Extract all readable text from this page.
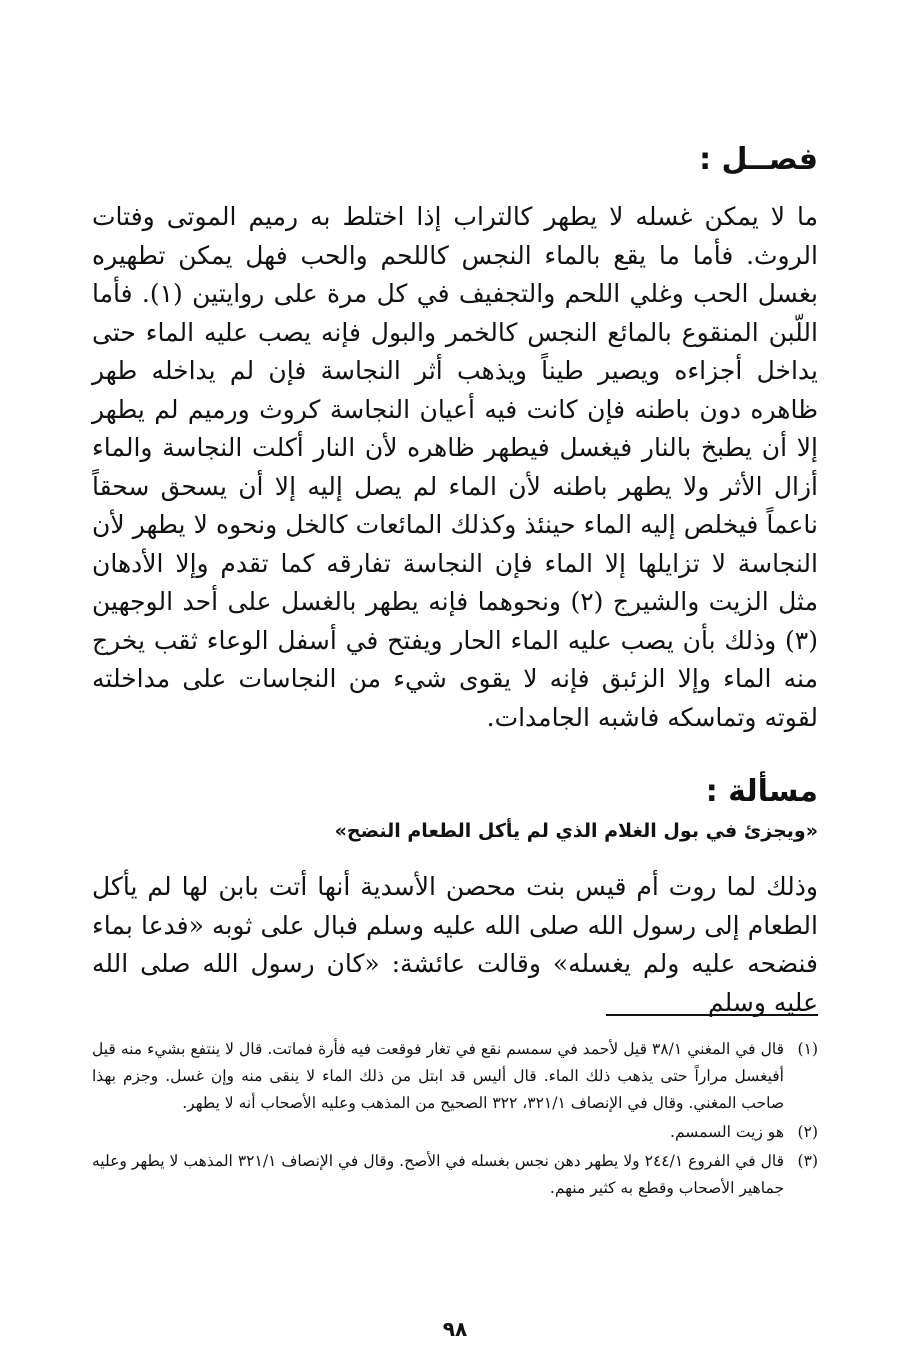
فصــل :

ما لا يمكن غسله لا يطهر كالتراب إذا اختلط به رميم الموتى وفتات الروث. فأما ما يقع بالماء النجس كاللحم والحب فهل يمكن تطهيره بغسل الحب وغلي اللحم والتجفيف في كل مرة على روايتين (١). فأما اللّبن المنقوع بالمائع النجس كالخمر والبول فإنه يصب عليه الماء حتى يداخل أجزاءه ويصير طيناً ويذهب أثر النجاسة فإن لم يداخله طهر ظاهره دون باطنه فإن كانت فيه أعيان النجاسة كروث ورميم لم يطهر إلا أن يطبخ بالنار فيغسل فيطهر ظاهره لأن النار أكلت النجاسة والماء أزال الأثر ولا يطهر باطنه لأن الماء لم يصل إليه إلا أن يسحق سحقاً ناعماً فيخلص إليه الماء حينئذ وكذلك المائعات كالخل ونحوه لا يطهر لأن النجاسة لا تزايلها إلا الماء فإن النجاسة تفارقه كما تقدم وإلا الأدهان مثل الزيت والشيرج (٢) ونحوهما فإنه يطهر بالغسل على أحد الوجهين (٣) وذلك بأن يصب عليه الماء الحار ويفتح في أسفل الوعاء ثقب يخرج منه الماء وإلا الزئبق فإنه لا يقوى شيء من النجاسات على مداخلته لقوته وتماسكه فاشبه الجامدات.

مسألة :
«ويجزئ في بول الغلام الذي لم يأكل الطعام النضح»

وذلك لما روت أم قيس بنت محصن الأسدية أنها أتت بابن لها لم يأكل الطعام إلى رسول الله صلى الله عليه وسلم فبال على ثوبه «فدعا بماء فنضحه عليه ولم يغسله» وقالت عائشة: «كان رسول الله صلى الله عليه وسلم

(١)
قال في المغني ٣٨/١ قيل لأحمد في سمسم نقع في تغار فوقعت فيه فأرة فماتت. قال لا ينتفع بشيء منه قيل أفيغسل مراراً حتى يذهب ذلك الماء. قال أليس قد ابتل من ذلك الماء لا ينقى منه وإن غسل. وجزم بهذا صاحب المغني. وقال في الإنصاف ٣٢١/١، ٣٢٢ الصحيح من المذهب وعليه الأصحاب أنه لا يطهر.
(٢)
هو زيت السمسم.
(٣)
قال في الفروع ٢٤٤/١ ولا يطهر دهن نجس بغسله في الأصح. وقال في الإنصاف ٣٢١/١ المذهب لا يطهر وعليه جماهير الأصحاب وقطع به كثير منهم.
٩٨
